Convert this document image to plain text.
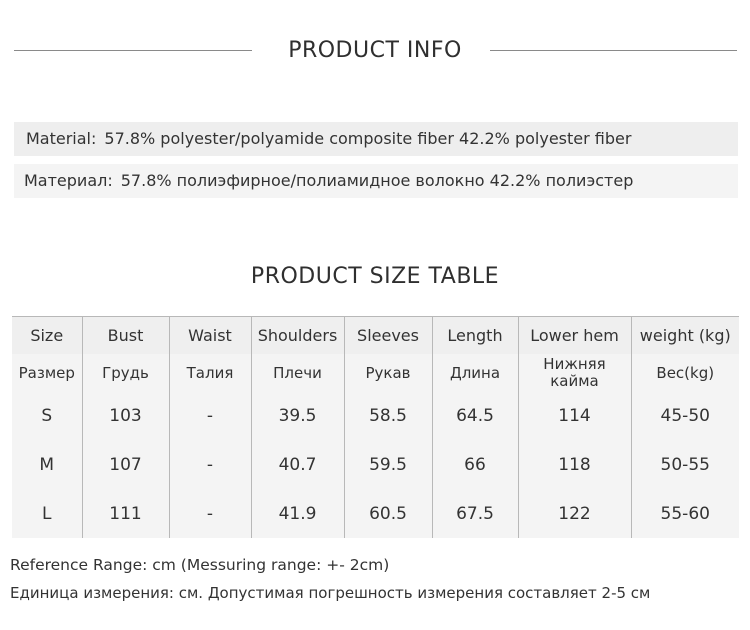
PRODUCT INFO
Material: 57.8% polyester/polyamide composite fiber 42.2% polyester fiber
Материал: 57.8% полиэфирное/полиамидное волокно 42.2% полиэстер
PRODUCT SIZE TABLE
Size	Bust	Waist	Shoulders	Sleeves	Length	Lower hem	weight (kg)
Размер	Грудь	Талия	Плечи	Рукав	Длина	Нижняя кайма	Вес(kg)
S	103	-	39.5	58.5	64.5	114	45-50
M	107	-	40.7	59.5	66	118	50-55
L	111	-	41.9	60.5	67.5	122	55-60
Reference Range: cm (Messuring range: +- 2cm)
Единица измерения: см. Допустимая погрешность измерения составляет 2-5 см
